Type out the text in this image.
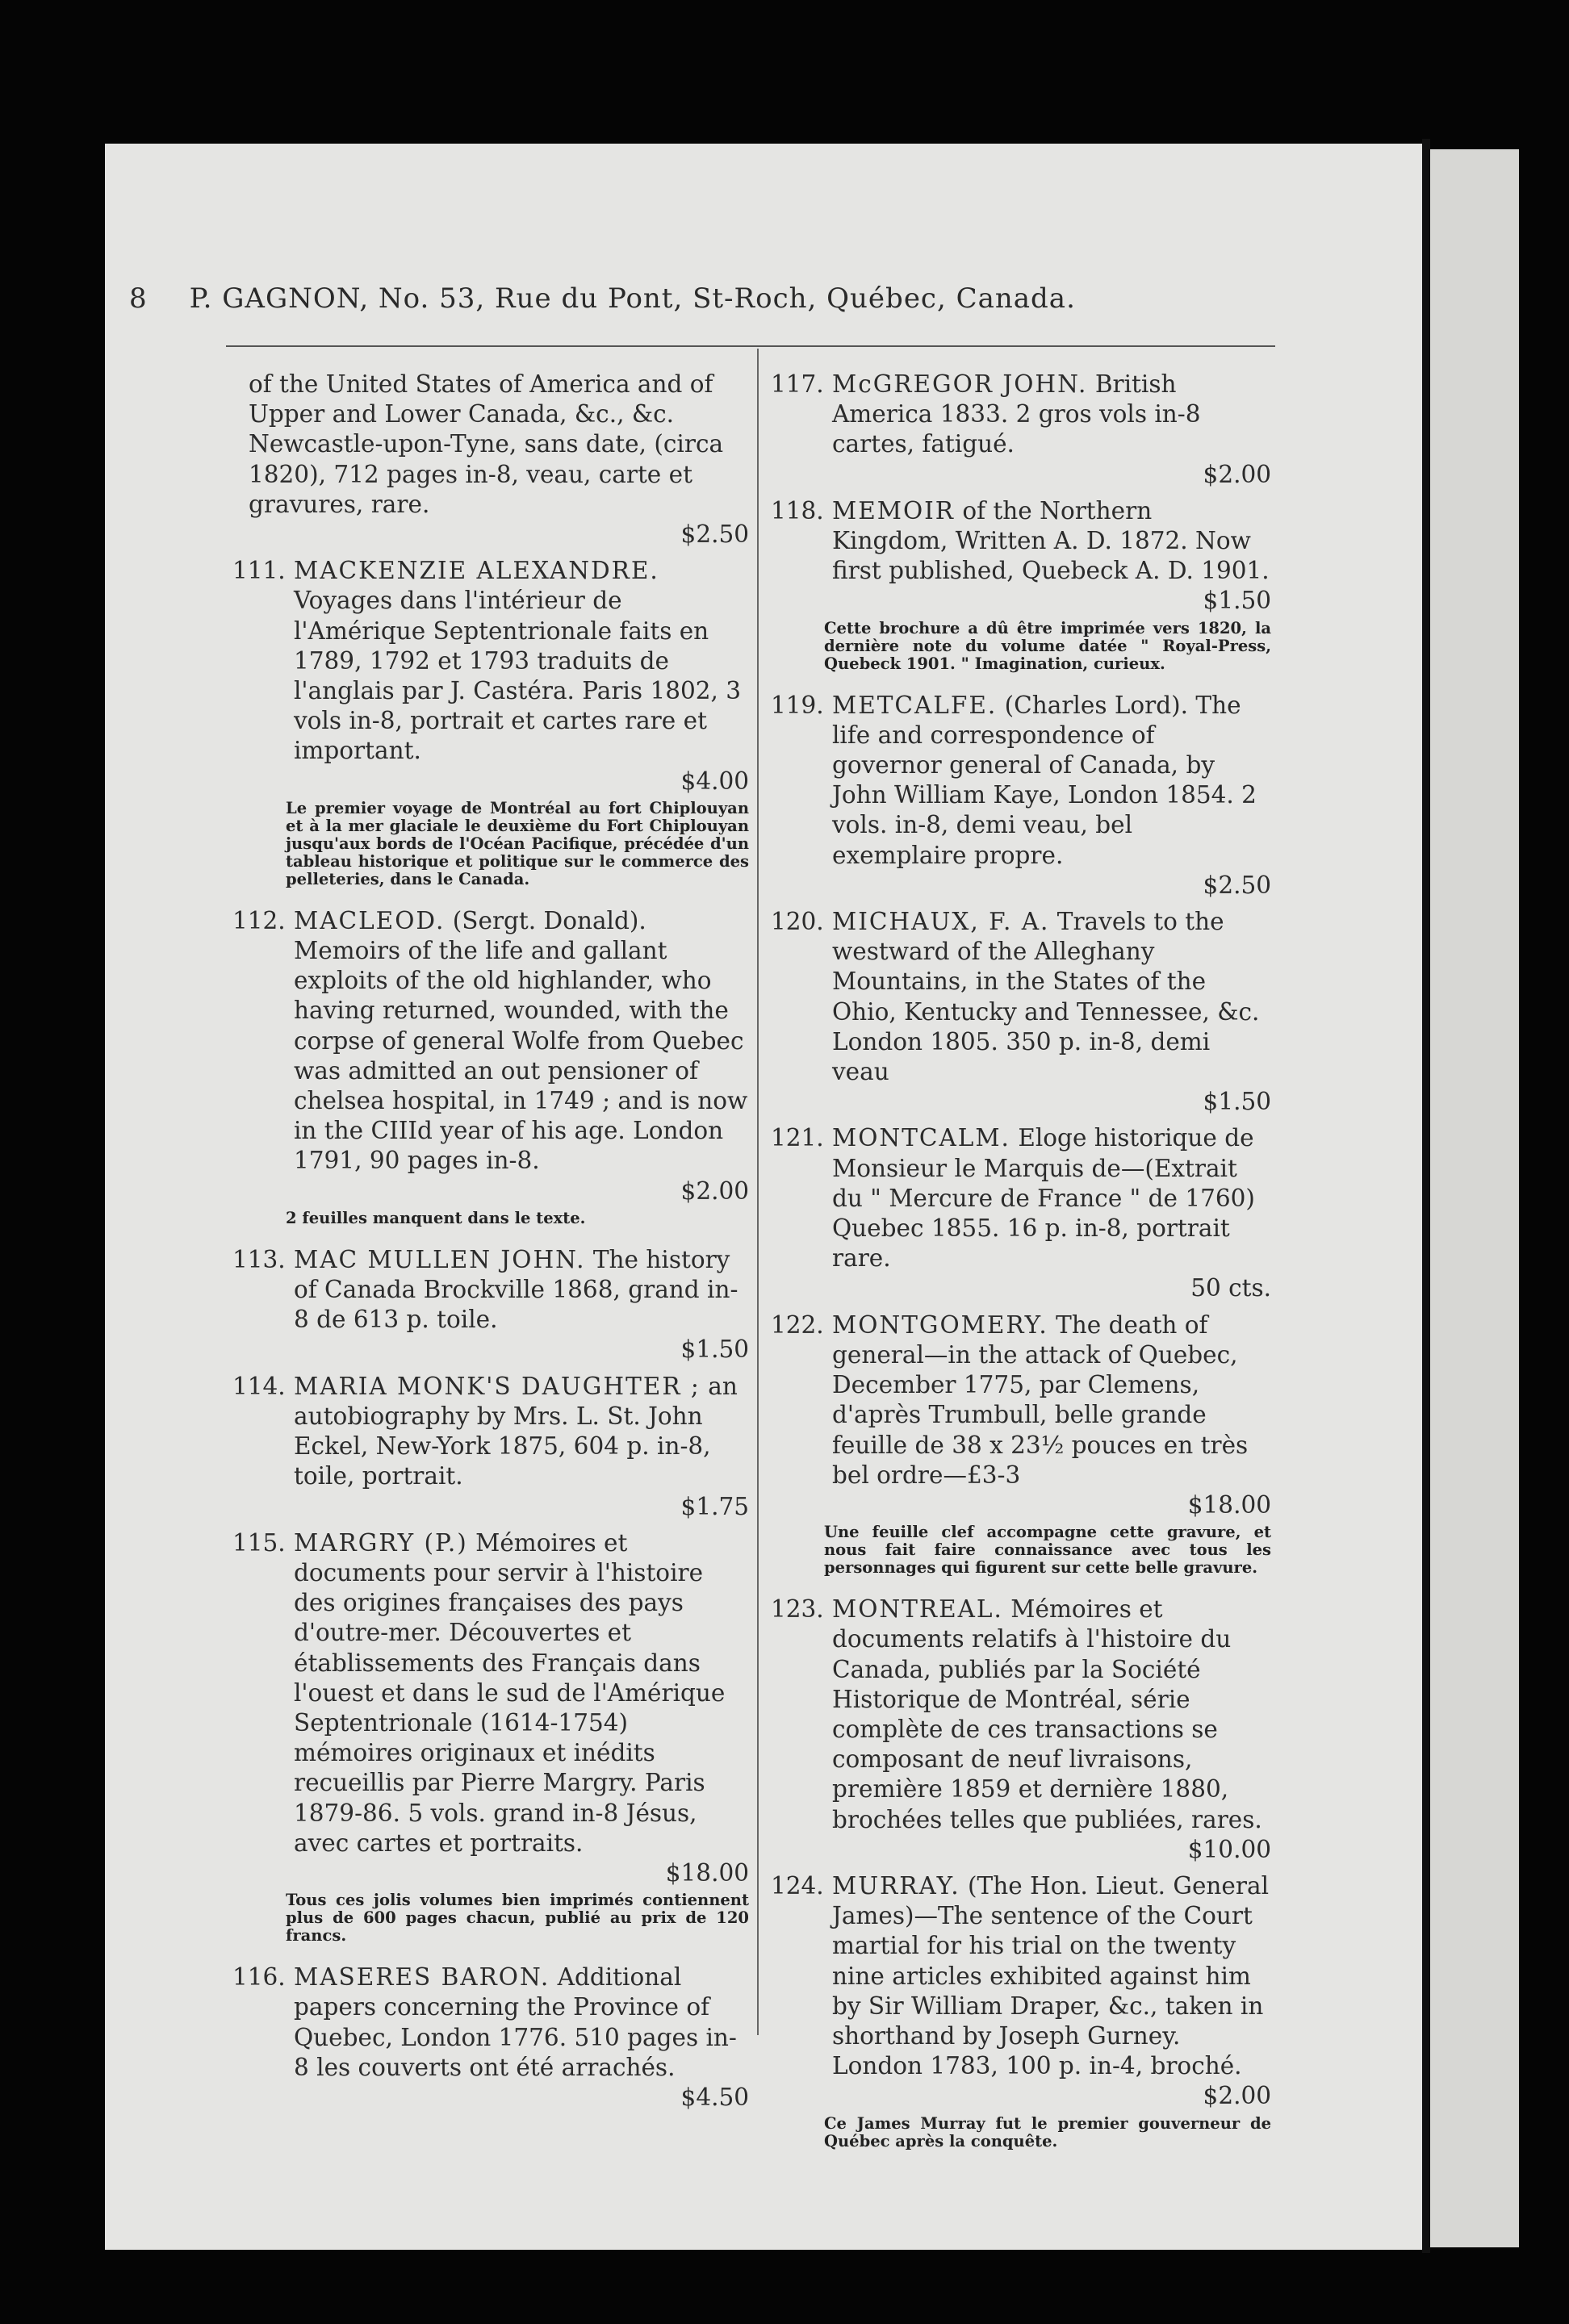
8 P. GAGNON, No. 53, Rue du Pont, St-Roch, Québec, Canada.
of the United States of America and of Upper and Lower Canada, &c., &c. Newcastle-upon-Tyne, sans date, (circa 1820), 712 pages in-8, veau, carte et gravures, rare.
$2.50
111. MACKENZIE ALEXANDRE. Voyages dans l'intérieur de l'Amérique Septentrionale faits en 1789, 1792 et 1793 traduits de l'anglais par J. Castéra. Paris 1802, 3 vols in-8, portrait et cartes rare et important.
$4.00
Le premier voyage de Montréal au fort Chiplouyan et à la mer glaciale le deuxième du Fort Chiplouyan jusqu'aux bords de l'Océan Pacifique, précédée d'un tableau historique et politique sur le commerce des pelleteries, dans le Canada.
112. MACLEOD. (Sergt. Donald). Memoirs of the life and gallant exploits of the old highlander, who having returned, wounded, with the corpse of general Wolfe from Quebec was admitted an out pensioner of chelsea hospital, in 1749 ; and is now in the CIIId year of his age. London 1791, 90 pages in-8.
$2.00
2 feuilles manquent dans le texte.
113. MAC MULLEN JOHN. The history of Canada Brockville 1868, grand in-8 de 613 p. toile.
$1.50
114. MARIA MONK'S DAUGHTER ; an autobiography by Mrs. L. St. John Eckel, New-York 1875, 604 p. in-8, toile, portrait.
$1.75
115. MARGRY (P.) Mémoires et documents pour servir à l'histoire des origines françaises des pays d'outre-mer. Découvertes et établissements des Français dans l'ouest et dans le sud de l'Amérique Septentrionale (1614-1754) mémoires originaux et inédits recueillis par Pierre Margry. Paris 1879-86. 5 vols. grand in-8 Jésus, avec cartes et portraits.
$18.00
Tous ces jolis volumes bien imprimés contiennent plus de 600 pages chacun, publié au prix de 120 francs.
116. MASERES BARON. Additional papers concerning the Province of Quebec, London 1776. 510 pages in-8 les couverts ont été arrachés.
$4.50
117. McGREGOR JOHN. British America 1833. 2 gros vols in-8 cartes, fatigué.
$2.00
118. MEMOIR of the Northern Kingdom, Written A. D. 1872. Now first published, Quebeck A. D. 1901.
$1.50
Cette brochure a dû être imprimée vers 1820, la dernière note du volume datée " Royal-Press, Quebeck 1901. " Imagination, curieux.
119. METCALFE. (Charles Lord). The life and correspondence of governor general of Canada, by John William Kaye, London 1854. 2 vols. in-8, demi veau, bel exemplaire propre.
$2.50
120. MICHAUX, F. A. Travels to the westward of the Alleghany Mountains, in the States of the Ohio, Kentucky and Tennessee, &c. London 1805. 350 p. in-8, demi veau
$1.50
121. MONTCALM. Eloge historique de Monsieur le Marquis de—(Extrait du " Mercure de France " de 1760) Quebec 1855. 16 p. in-8, portrait rare.
50 cts.
122. MONTGOMERY. The death of general—in the attack of Quebec, December 1775, par Clemens, d'après Trumbull, belle grande feuille de 38 x 23½ pouces en très bel ordre—£3-3
$18.00
Une feuille clef accompagne cette gravure, et nous fait faire connaissance avec tous les personnages qui figurent sur cette belle gravure.
123. MONTREAL. Mémoires et documents relatifs à l'histoire du Canada, publiés par la Société Historique de Montréal, série complète de ces transactions se composant de neuf livraisons, première 1859 et dernière 1880, brochées telles que publiées, rares.
$10.00
124. MURRAY. (The Hon. Lieut. General James)—The sentence of the Court martial for his trial on the twenty nine articles exhibited against him by Sir William Draper, &c., taken in shorthand by Joseph Gurney. London 1783, 100 p. in-4, broché.
$2.00
Ce James Murray fut le premier gouverneur de Québec après la conquête.
